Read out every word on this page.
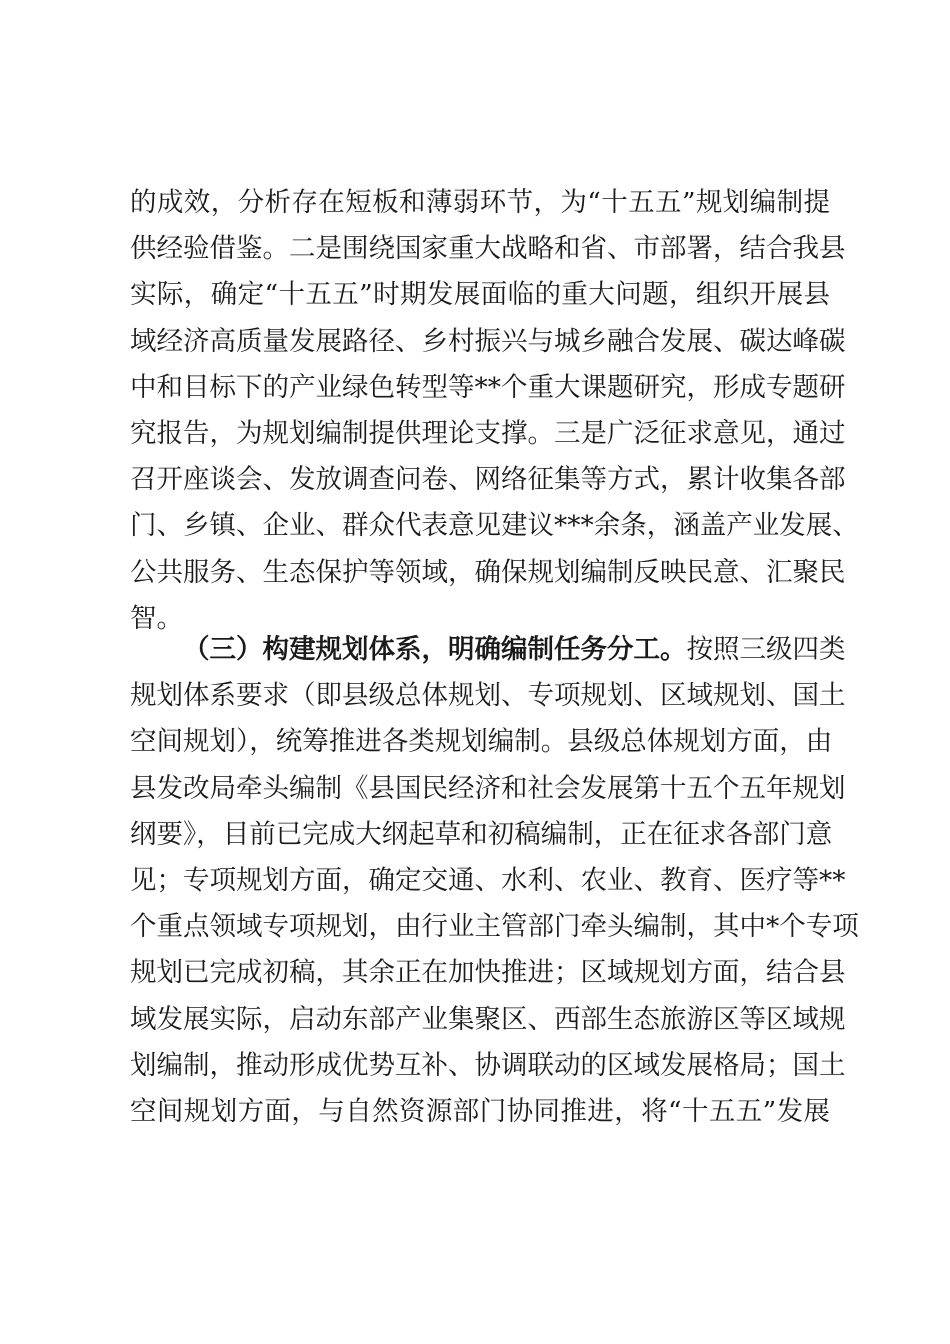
的成效，分析存在短板和薄弱环节，为“十五五”规划编制提
供经验借鉴。二是围绕国家重大战略和省、市部署，结合我县
实际，确定“十五五”时期发展面临的重大问题，组织开展县
域经济高质量发展路径、乡村振兴与城乡融合发展、碳达峰碳
中和目标下的产业绿色转型等**个重大课题研究，形成专题研
究报告，为规划编制提供理论支撑。三是广泛征求意见，通过
召开座谈会、发放调查问卷、网络征集等方式，累计收集各部
门、乡镇、企业、群众代表意见建议***余条，涵盖产业发展、
公共服务、生态保护等领域，确保规划编制反映民意、汇聚民
智。
（三）构建规划体系，明确编制任务分工。按照三级四类
规划体系要求（即县级总体规划、专项规划、区域规划、国土
空间规划），统筹推进各类规划编制。县级总体规划方面，由
县发改局牵头编制《县国民经济和社会发展第十五个五年规划
纲要》，目前已完成大纲起草和初稿编制，正在征求各部门意
见；专项规划方面，确定交通、水利、农业、教育、医疗等**
个重点领域专项规划，由行业主管部门牵头编制，其中*个专项
规划已完成初稿，其余正在加快推进；区域规划方面，结合县
域发展实际，启动东部产业集聚区、西部生态旅游区等区域规
划编制，推动形成优势互补、协调联动的区域发展格局；国土
空间规划方面，与自然资源部门协同推进，将“十五五”发展
